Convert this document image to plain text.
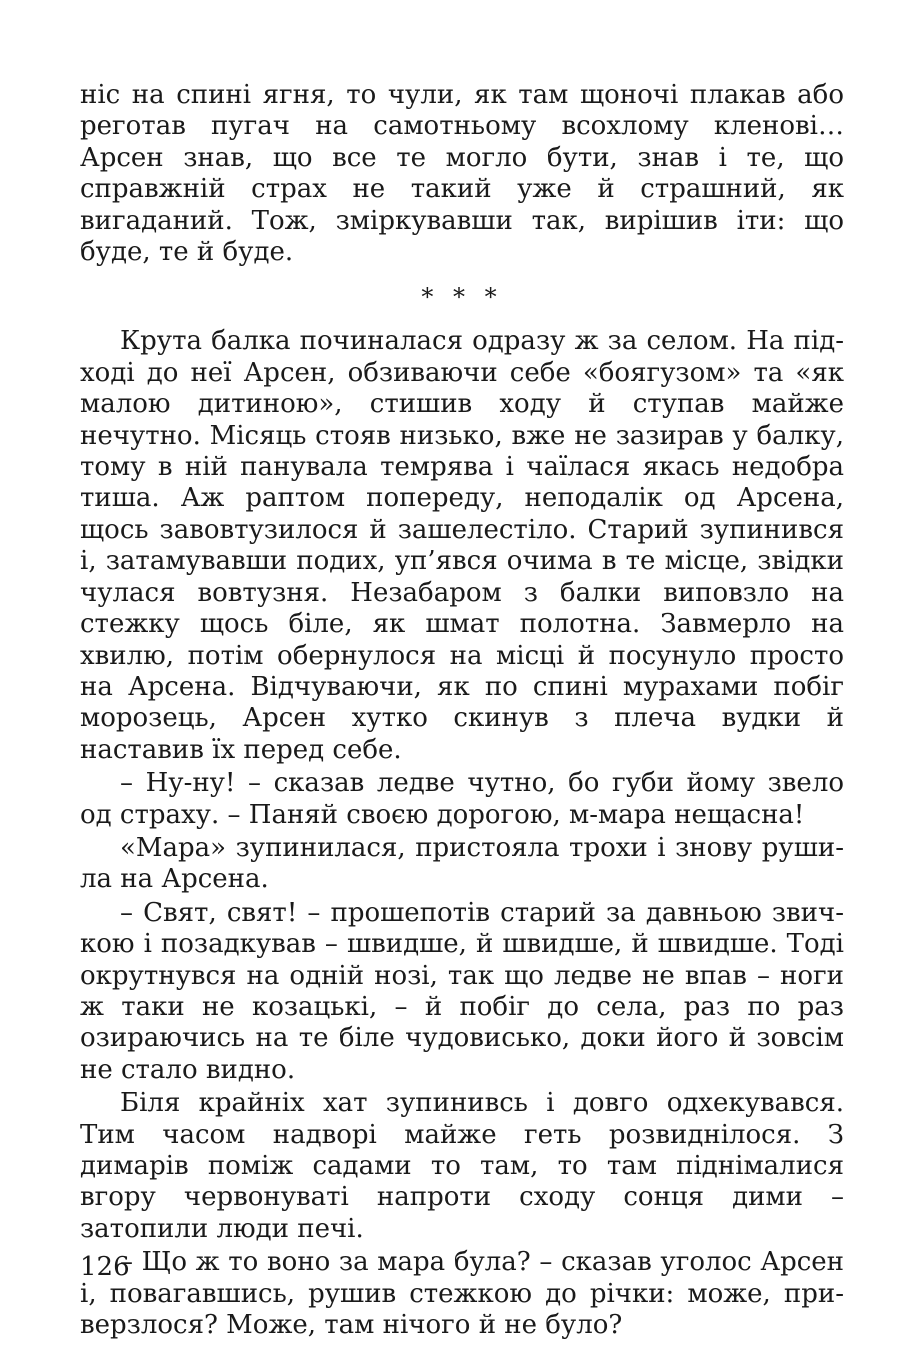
ніс на спині ягня, то чули, як там щоночі плакав або реготав пугач на самотньому всохлому кленові… Арсен знав, що все те могло бути, знав і те, що справжній страх не такий уже й страшний, як вигаданий. Тож, зміркувавши так, вирішив іти: що буде, те й буде.

* * *

Крута балка починалася одразу ж за селом. На підході до неї Арсен, обзиваючи себе «боягузом» та «як малою дитиною», стишив ходу й ступав майже нечутно. Місяць стояв низько, вже не зазирав у балку, тому в ній панувала темрява і чаїлася якась недобра тиша. Аж раптом попереду, неподалік од Арсена, щось завовтузилося й зашелестіло. Старий зупинився і, затамувавши подих, уп’явся очима в те місце, звідки чулася вовтузня. Незабаром з балки виповзло на стежку щось біле, як шмат полотна. Завмерло на хвилю, потім обернулося на місці й посунуло просто на Арсена. Відчуваючи, як по спині мурахами побіг морозець, Арсен хутко скинув з плеча вудки й наставив їх перед себе.

– Ну-ну! – сказав ледве чутно, бо губи йому звело од страху. – Паняй своєю дорогою, м-мара нещасна!

«Мара» зупинилася, пристояла трохи і знову рушила на Арсена.

– Свят, свят! – прошепотів старий за давньою звичкою і позадкував – швидше, й швидше, й швидше. Тоді окрутнувся на одній нозі, так що ледве не впав – ноги ж таки не козацькі, – й побіг до села, раз по раз озираючись на те біле чудовисько, доки його й зовсім не стало видно.

Біля крайніх хат зупинивсь і довго одхекувався. Тим часом надворі майже геть розвиднілося. З димарів поміж садами то там, то там піднімалися вгору червонуваті напроти сходу сонця дими – затопили люди печі.

– Що ж то воно за мара була? – сказав уголос Арсен і, повагавшись, рушив стежкою до річки: може, приверзлося? Може, там нічого й не було?

126
